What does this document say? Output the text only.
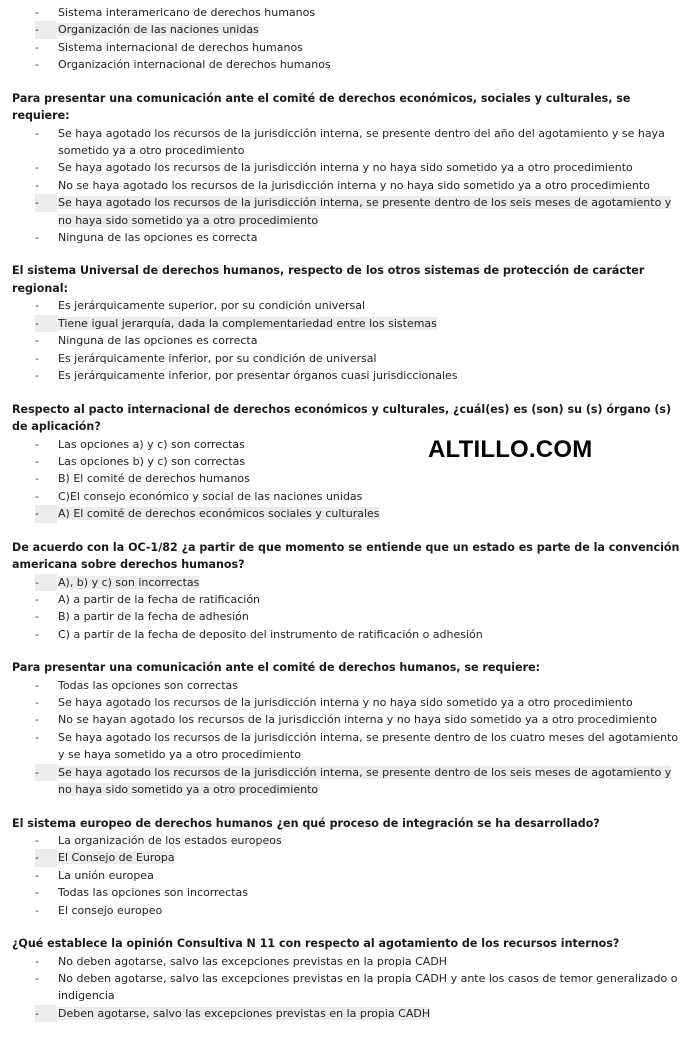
- Sistema interamericano de derechos humanos
- Organización de las naciones unidas
- Sistema internacional de derechos humanos
- Organización internacional de derechos humanos
Para presentar una comunicación ante el comité de derechos económicos, sociales y culturales, se requiere:
- Se haya agotado los recursos de la jurisdicción interna, se presente dentro del año del agotamiento y se haya sometido ya a otro procedimiento
- Se haya agotado los recursos de la jurisdicción interna y no haya sido sometido ya a otro procedimiento
- No se haya agotado los recursos de la jurisdicción interna y no haya sido sometido ya a otro procedimiento
- Se haya agotado los recursos de la jurisdicción interna, se presente dentro de los seis meses de agotamiento y no haya sido sometido ya a otro procedimiento
- Ninguna de las opciones es correcta
El sistema Universal de derechos humanos, respecto de los otros sistemas de protección de carácter regional:
- Es jerárquicamente superior, por su condición universal
- Tiene igual jerarquía, dada la complementariedad entre los sistemas
- Ninguna de las opciones es correcta
- Es jerárquicamente inferior, por su condición de universal
- Es jerárquicamente inferior, por presentar órganos cuasi jurisdiccionales
Respecto al pacto internacional de derechos económicos y culturales, ¿cuál(es) es (son) su (s) órgano (s) de aplicación?
- Las opciones a) y c) son correctas
- Las opciones b) y c) son correctas
- B) El comité de derechos humanos
- C)El consejo económico y social de las naciones unidas
- A) El comité de derechos económicos sociales y culturales
De acuerdo con la OC-1/82 ¿a partir de que momento se entiende que un estado es parte de la convención americana sobre derechos humanos?
- A), b) y c) son incorrectas
- A) a partir de la fecha de ratificación
- B) a partir de la fecha de adhesión
- C) a partir de la fecha de deposito del instrumento de ratificación o adhesión
Para presentar una comunicación ante el comité de derechos humanos, se requiere:
- Todas las opciones son correctas
- Se haya agotado los recursos de la jurisdicción interna y no haya sido sometido ya a otro procedimiento
- No se hayan agotado los recursos de la jurisdicción interna y no haya sido sometido ya a otro procedimiento
- Se haya agotado los recursos de la jurisdicción interna, se presente dentro de los cuatro meses del agotamiento y se haya sometido ya a otro procedimiento
- Se haya agotado los recursos de la jurisdicción interna, se presente dentro de los seis meses de agotamiento y no haya sido sometido ya a otro procedimiento
El sistema europeo de derechos humanos ¿en qué proceso de integración se ha desarrollado?
- La organización de los estados europeos
- El Consejo de Europa
- La unión europea
- Todas las opciones son incorrectas
- El consejo europeo
¿Qué establece la opinión Consultiva N 11 con respecto al agotamiento de los recursos internos?
- No deben agotarse, salvo las excepciones previstas en la propia CADH
- No deben agotarse, salvo las excepciones previstas en la propia CADH y ante los casos de temor generalizado o indigencia
- Deben agotarse, salvo las excepciones previstas en la propia CADH
ALTILLO.COM
